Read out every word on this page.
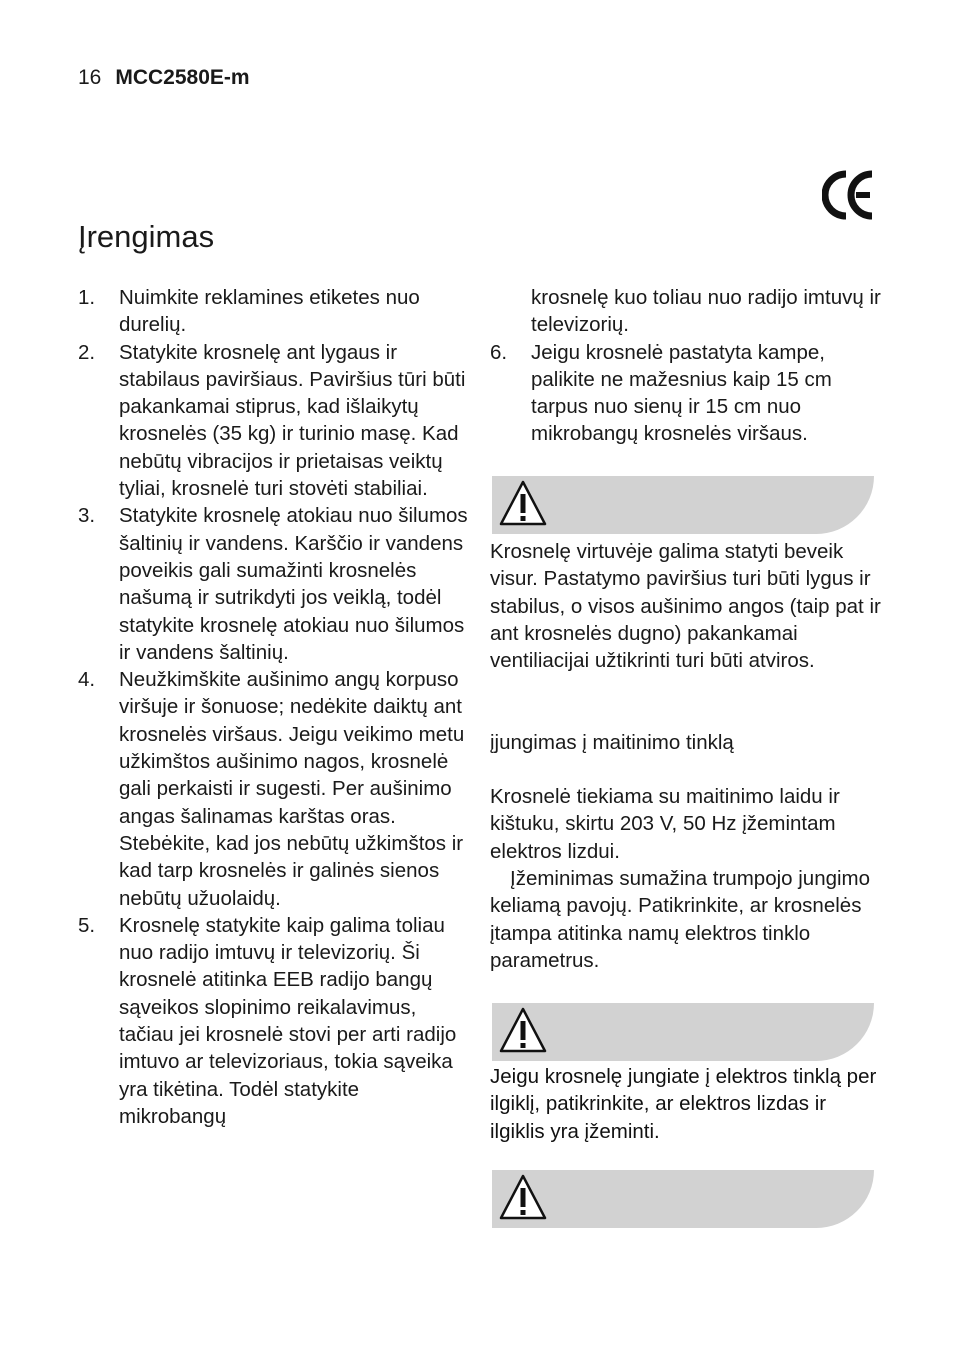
16 MCC2580E-m
Įrengimas
1.	Nuimkite reklamines etiketes nuo durelių.
2.	Statykite krosnelę ant lygaus ir stabilaus paviršiaus. Paviršius tūri būti pakankamai stiprus, kad išlaikytų krosnelės (35 kg) ir turinio masę. Kad nebūtų vibracijos ir prietaisas veiktų tyliai, krosnelė turi stovėti stabiliai.
3.	Statykite krosnelę atokiau nuo šilumos šaltinių ir vandens. Karščio ir vandens poveikis gali sumažinti krosnelės našumą ir sutrikdyti jos veiklą, todėl statykite krosnelę atokiau nuo šilumos ir vandens šaltinių.
4.	Neužkimškite aušinimo angų korpuso viršuje ir šonuose; nedėkite daiktų ant krosnelės viršaus. Jeigu veikimo metu užkimštos aušinimo nagos, krosnelė gali perkaisti ir sugesti. Per aušinimo angas šalinamas karštas oras. Stebėkite, kad jos nebūtų užkimštos ir kad tarp krosnelės ir galinės sienos nebūtų užuolaidų.
5.	Krosnelę statykite kaip galima toliau nuo radijo imtuvų ir televizorių. Ši krosnelė atitinka EEB radijo bangų sąveikos slopinimo reikalavimus, tačiau jei krosnelė stovi per arti radijo imtuvo ar televizoriaus, tokia sąveika yra tikėtina. Todėl statykite mikrobangų
krosnelę kuo toliau nuo radijo imtuvų ir televizorių.
6.	Jeigu krosnelė pastatyta kampe, palikite ne mažesnius kaip 15 cm tarpus nuo sienų ir 15 cm nuo mikrobangų krosnelės viršaus.

Krosnelę virtuvėje galima statyti beveik visur. Pastatymo paviršius turi būti lygus ir stabilus, o visos aušinimo angos (taip pat ir ant krosnelės dugno) pakankamai ventiliacijai užtikrinti turi būti atviros.

įjungimas į maitinimo tinklą

Krosnelė tiekiama su maitinimo laidu ir kištuku, skirtu 203 V, 50 Hz įžemintam elektros lizdui.

Įžeminimas sumažina trumpojo jungimo keliamą pavojų. Patikrinkite, ar krosnelės įtampa atitinka namų elektros tinklo parametrus.

Jeigu krosnelę jungiate į elektros tinklą per ilgiklį, patikrinkite, ar elektros lizdas ir ilgiklis yra įžeminti.
